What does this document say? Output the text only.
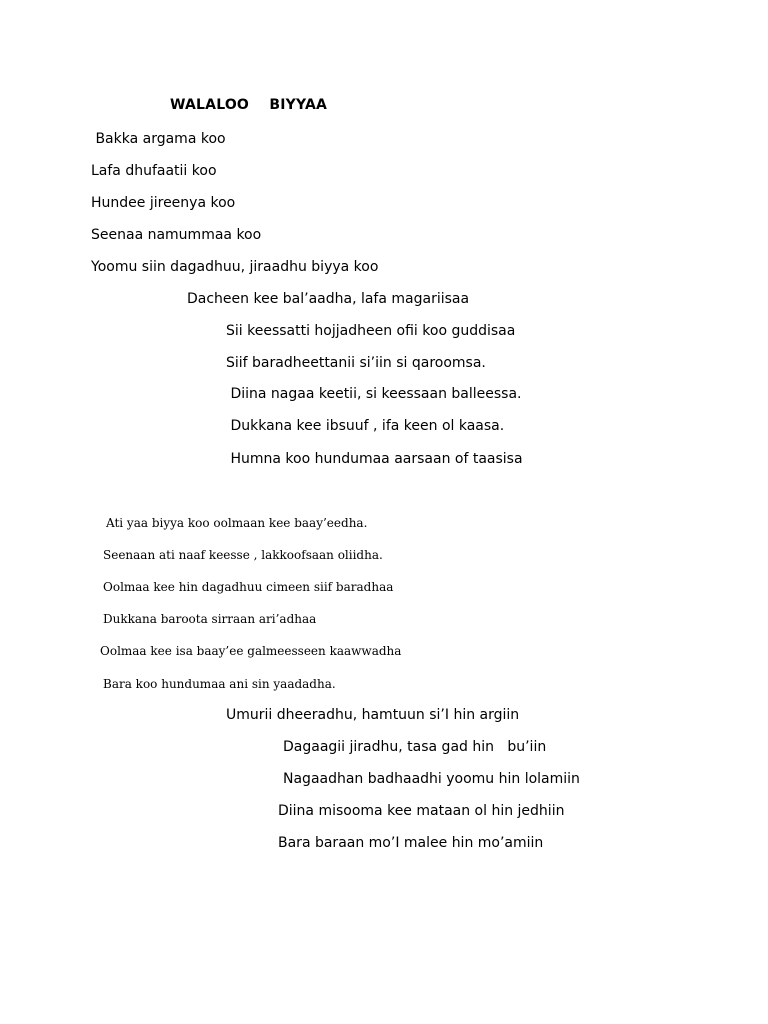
WALALOO    BIYYAA
Bakka argama koo
Lafa dhufaatii koo
Hundee jireenya koo
Seenaa namummaa koo
Yoomu siin dagadhuu, jiraadhu biyya koo
Dacheen kee bal’aadha, lafa magariisaa
Sii keessatti hojjadheen ofii koo guddisaa
Siif baradheettanii si’iin si qaroomsa.
Diina nagaa keetii, si keessaan balleessa.
Dukkana kee ibsuuf , ifa keen ol kaasa.
Humna koo hundumaa aarsaan of taasisa
Ati yaa biyya koo oolmaan kee baay’eedha.
Seenaan ati naaf keesse , lakkoofsaan oliidha.
Oolmaa kee hin dagadhuu cimeen siif baradhaa
Dukkana baroota sirraan ari’adhaa
Oolmaa kee isa baay’ee galmeesseen kaawwadha
Bara koo hundumaa ani sin yaadadha.
Umurii dheeradhu, hamtuun si’I hin argiin
Dagaagii jiradhu, tasa gad hin   bu’iin
Nagaadhan badhaadhi yoomu hin lolamiin
Diina misooma kee mataan ol hin jedhiin
Bara baraan mo’I malee hin mo’amiin
